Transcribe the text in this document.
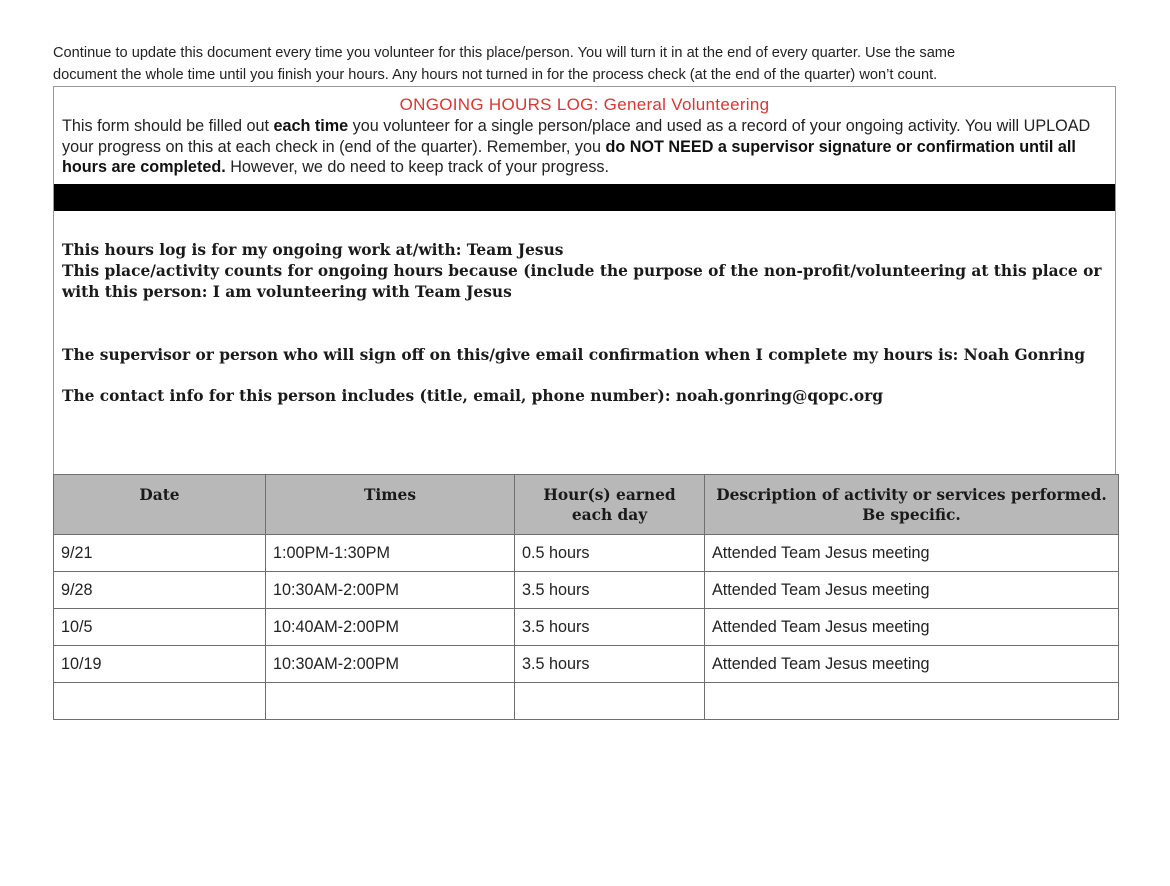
Continue to update this document every time you volunteer for this place/person. You will turn it in at the end of every quarter. Use the same
document the whole time until you finish your hours. Any hours not turned in for the process check (at the end of the quarter) won’t count.
ONGOING HOURS LOG: General Volunteering

This form should be filled out each time you volunteer for a single person/place and used as a record of your ongoing activity. You will UPLOAD your progress on this at each check in (end of the quarter). Remember, you do NOT NEED a supervisor signature or confirmation until all hours are completed. However, we do need to keep track of your progress.

This hours log is for my ongoing work at/with: Team Jesus
This place/activity counts for ongoing hours because (include the purpose of the non-profit/volunteering at this place or with this person: I am volunteering with Team Jesus
The supervisor or person who will sign off on this/give email confirmation when I complete my hours is: Noah Gonring
The contact info for this person includes (title, email, phone number): noah.gonring@qopc.org
Date	Times	Hour(s) earned each day	Description of activity or services performed. Be specific.
9/21	1:00PM-1:30PM	0.5 hours	Attended Team Jesus meeting
9/28	10:30AM-2:00PM	3.5 hours	Attended Team Jesus meeting
10/5	10:40AM-2:00PM	3.5 hours	Attended Team Jesus meeting
10/19	10:30AM-2:00PM	3.5 hours	Attended Team Jesus meeting
